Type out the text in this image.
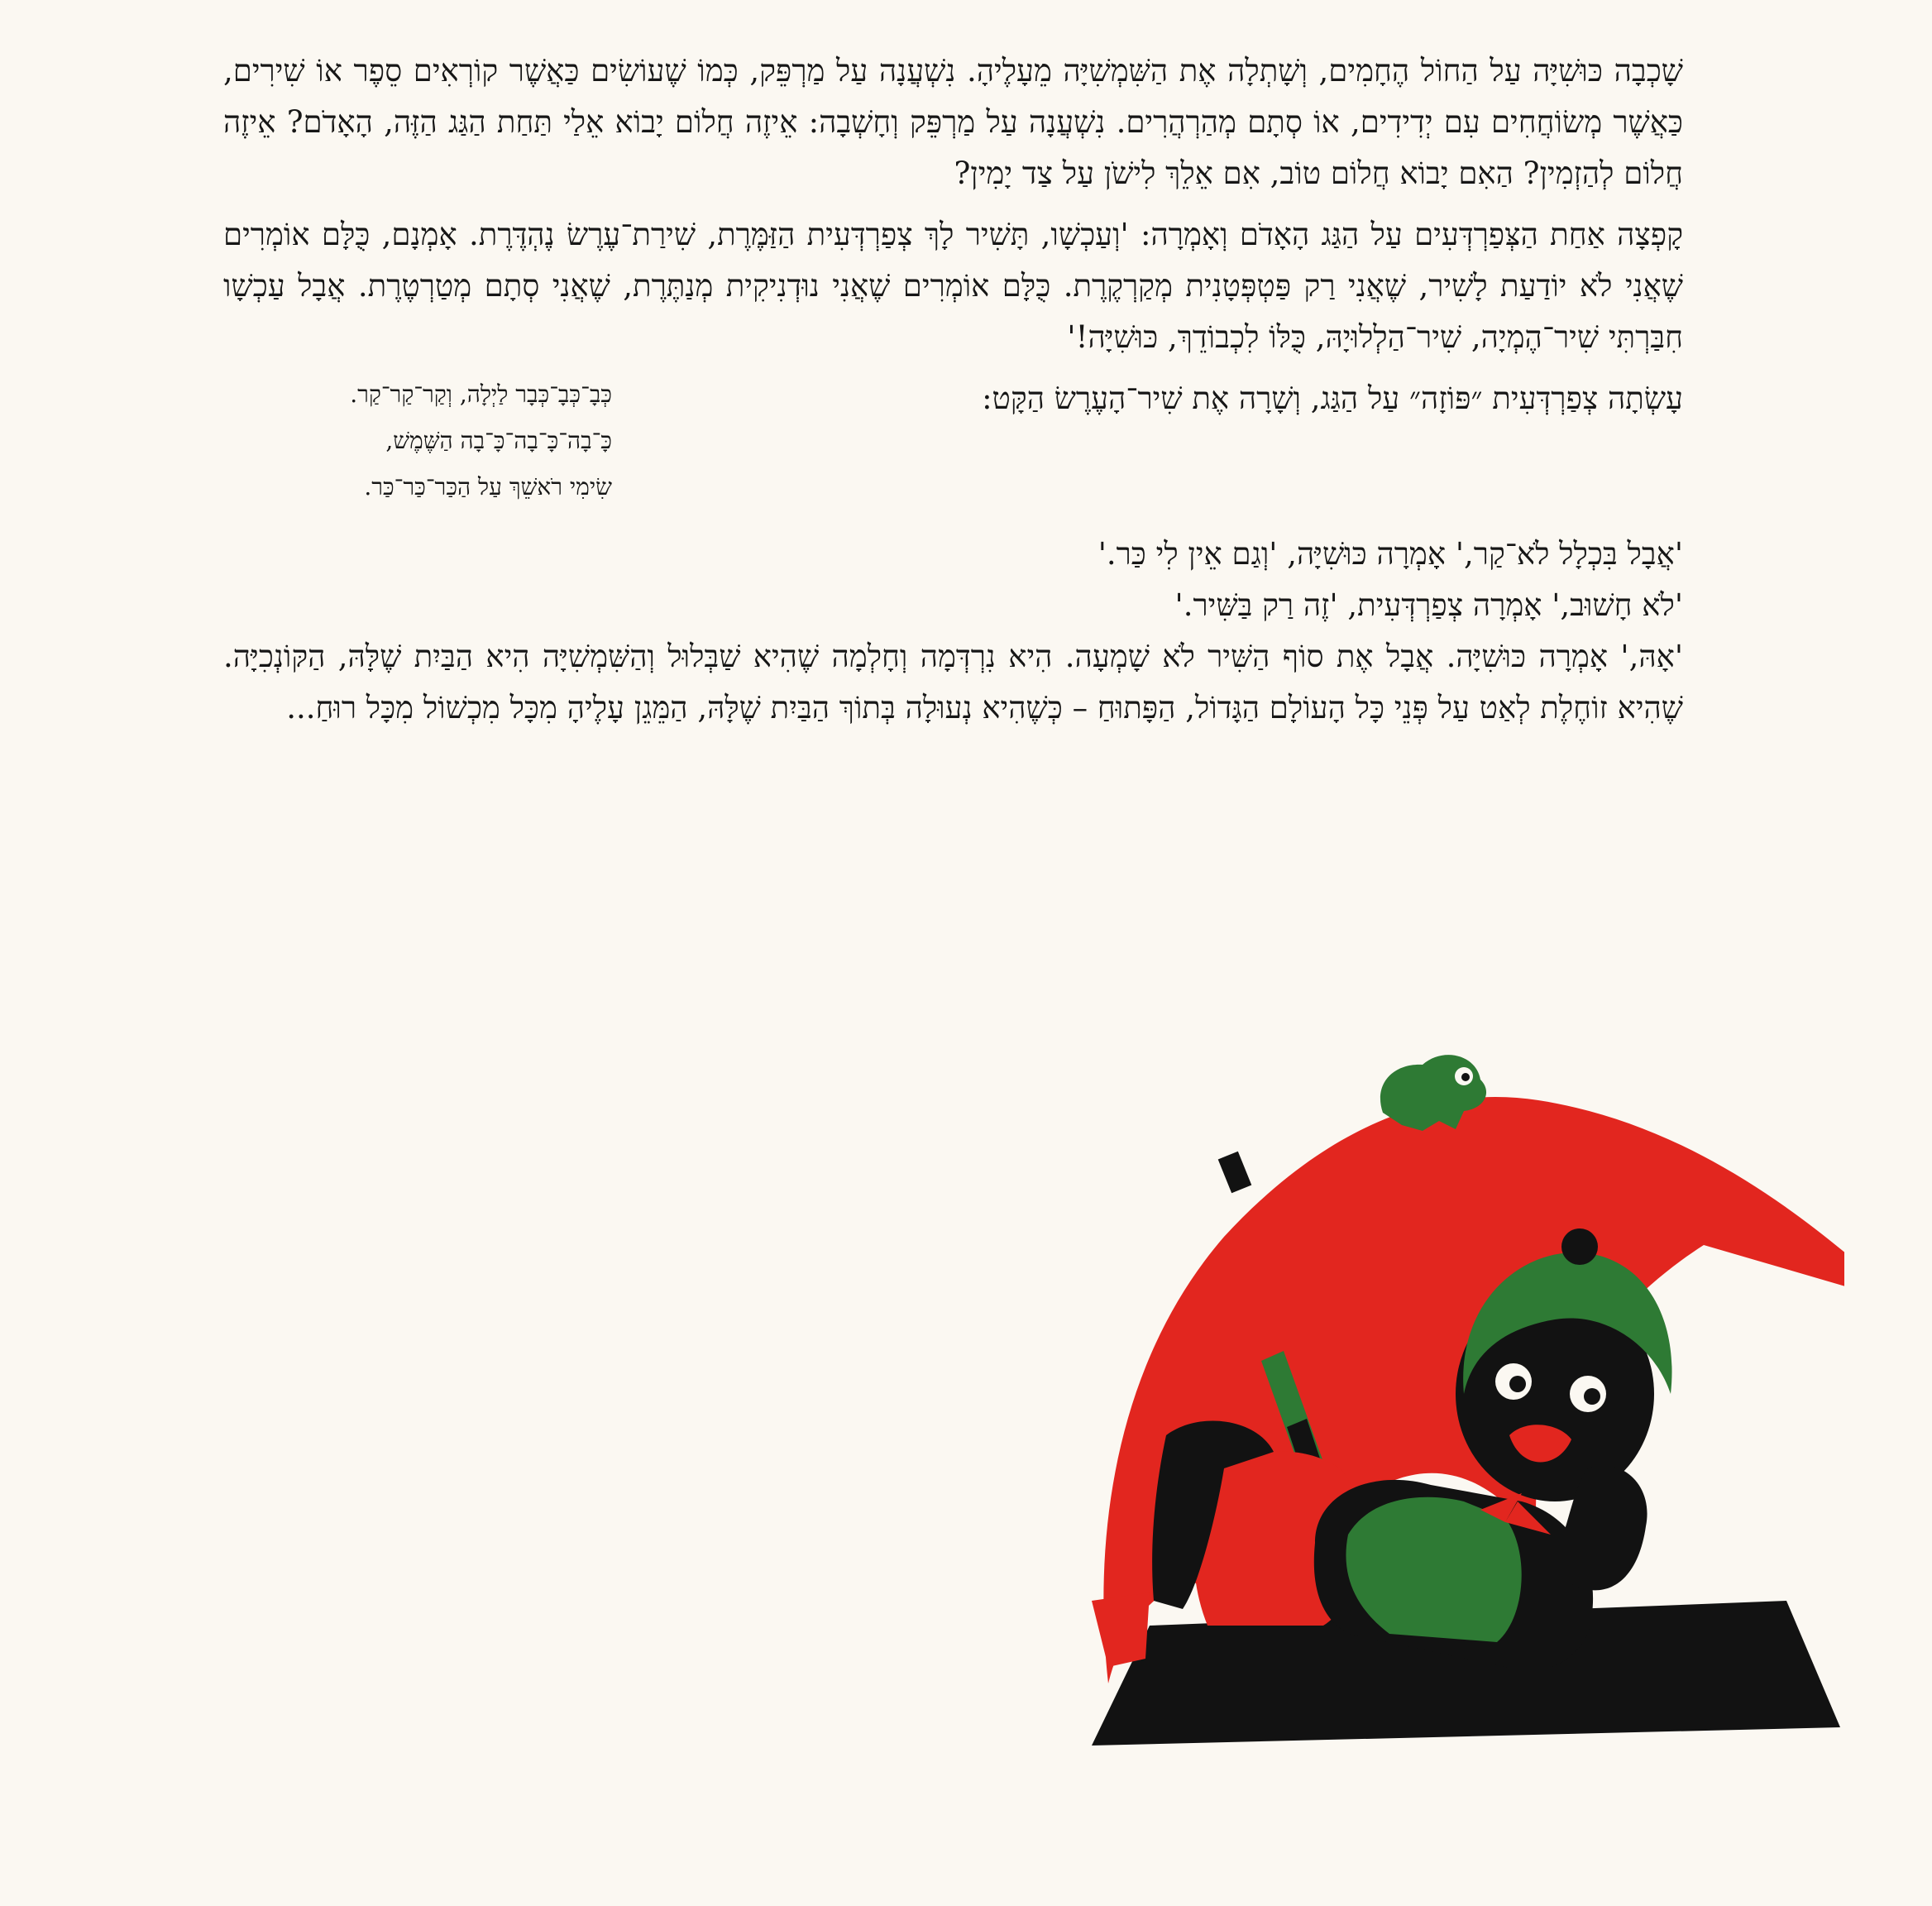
שָׁכְבָה כּוּשִׁיָּה עַל הַחוֹל הֶחָמִים, וְשָׁתְלָה אֶת הַשִּׁמְשִׁיָּה מֵעָלֶיהָ. נִשְׁעֲנָה עַל מַרְפֵּק, כְּמוֹ שֶׁעוֹשִׂים כַּאֲשֶׁר קוֹרְאִים סֵפֶר אוֹ שִׁירִים, כַּאֲשֶׁר מְשׂוֹחֲחִים עִם יְדִידִים, אוֹ סְתָם מְהַרְהֲרִים. נִשְׁעֲנָה עַל מַרְפֵּק וְחָשְׁבָה: אֵיזֶה חֲלוֹם יָבוֹא אֵלַי תַּחַת הַגַּג הַזֶּה, הָאָדֹם? אֵיזֶה חֲלוֹם לְהַזְמִין? הַאִם יָבוֹא חֲלוֹם טוֹב, אִם אֵלֵךְ לִישֹׁן עַל צַד יָמִין?

קָפְצָה אַחַת הַצְּפַרְדְּעִים עַל הַגַּג הָאָדֹם וְאָמְרָה: 'וְעַכְשָׁו, תָּשִׁיר לָךְ צְפַרְדְּעִית הַזַּמֶּרֶת, שִׁירַת־עֶרֶשׂ נֶהְדֶּרֶת. אָמְנָם, כֻּלָּם אוֹמְרִים שֶׁאֲנִי לֹא יוֹדַעַת לָשִׁיר, שֶׁאֲנִי רַק פַּטְפְּטָנִית מְקַרְקֶרֶת. כֻּלָּם אוֹמְרִים שֶׁאֲנִי נוּדְנִיקִית מְנַתֶּרֶת, שֶׁאֲנִי סְתָם מְטַרְטֶרֶת. אֲבָל עַכְשָׁו חִבַּרְתִּי שִׁיר־הֶמְיָה, שִׁיר־הַלְלוּיָהּ, כֻּלּוֹ לִכְבוֹדֵךְ, כּוּשִׁיָּה!'

עָשְׂתָה צְפַרְדְּעִית ״פּוֹזָה״ עַל הַגַּג, וְשָׁרָה אֶת שִׁיר־הָעֶרֶשׂ הַקָּט:

כְּבָ־כְּבָ־כְּבָר לַיְלָה, וְקַר־קַר־קַר.
כָּ־בָה־כָּ־בָה־כָּ־בָה הַשֶּׁמֶשׁ,
שִׂימִי רֹאשֵׁךְ עַל הַכַּר־כַּר־כַּר.

'אֲבָל בִּכְלָל לֹא־קַר,' אָמְרָה כּוּשִׁיָּה, 'וְגַם אֵין לִי כַּר.'

'לֹא חָשׁוּב,' אָמְרָה צְפַרְדְּעִית, 'זֶה רַק בַּשִּׁיר.'

'אָהּ,' אָמְרָה כּוּשִׁיָּה. אֲבָל אֶת סוֹף הַשִּׁיר לֹא שָׁמְעָה. הִיא נִרְדְּמָה וְחָלְמָה שֶׁהִיא שַׁבְּלוּל וְהַשִּׁמְשִׁיָּה הִיא הַבַּיִת שֶׁלָּהּ, הַקּוֹנְכִיָּה. שֶׁהִיא זוֹחֶלֶת לְאַט עַל פְּנֵי כָּל הָעוֹלָם הַגָּדוֹל, הַפָּתוּחַ – כְּשֶׁהִיא נְעוּלָה בְּתוֹךְ הַבַּיִת שֶׁלָּהּ, הַמֵּגֵן עָלֶיהָ מִכָּל מִכְשׁוֹל מִכָּל רוּחַ...
